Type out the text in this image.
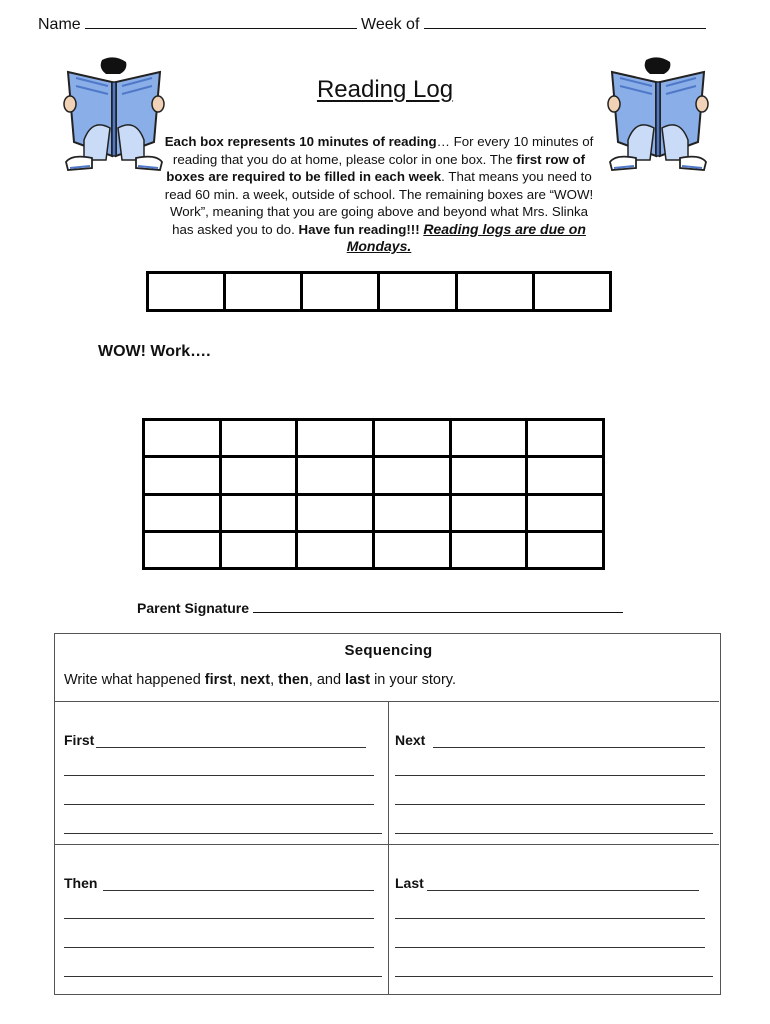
Name	Week of
Reading Log
Each box represents 10 minutes of reading… For every 10 minutes of reading that you do at home, please color in one box. The first row of boxes are required to be filled in each week. That means you need to read 60 min. a week, outside of school. The remaining boxes are “WOW! Work”, meaning that you are going above and beyond what Mrs. Slinka has asked you to do. Have fun reading!!! Reading logs are due on Mondays.

WOW! Work….

Parent Signature
Sequencing
Write what happened first, next, then, and last in your story.
First	Next
Then	Last
